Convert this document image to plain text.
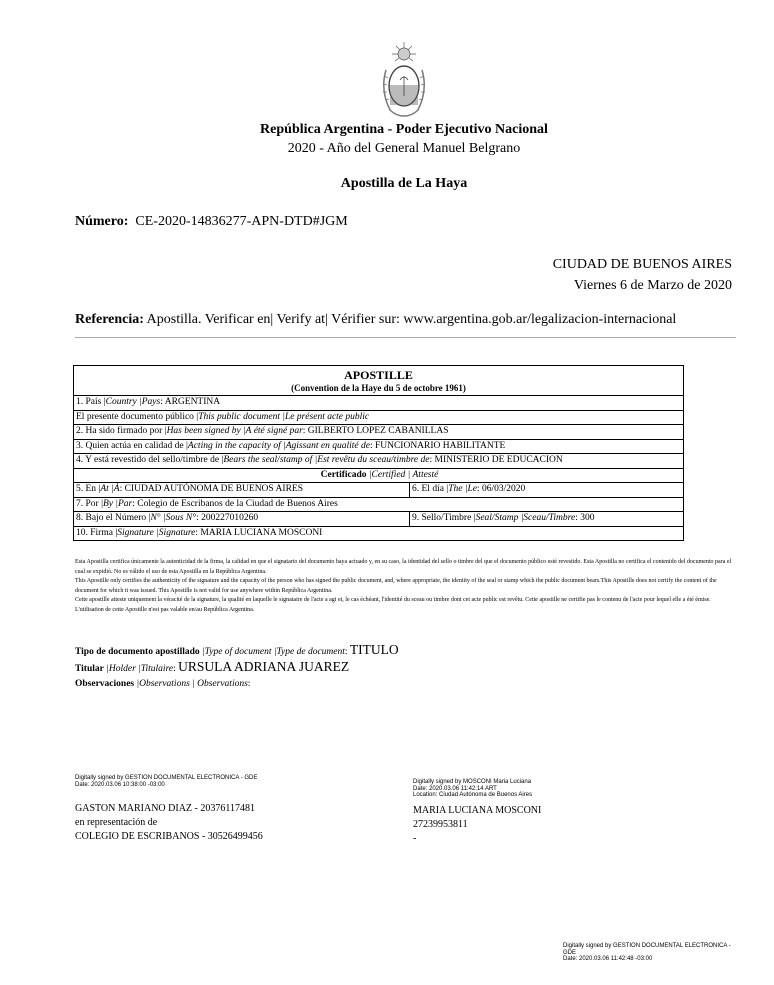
República Argentina - Poder Ejecutivo Nacional
2020 - Año del General Manuel Belgrano
Apostilla de La Haya
Número: CE-2020-14836277-APN-DTD#JGM
CIUDAD DE BUENOS AIRES
Viernes 6 de Marzo de 2020
Referencia: Apostilla. Verificar en| Verify at| Vérifier sur: www.argentina.gob.ar/legalizacion-internacional
APOSTILLE
(Convention de la Haye du 5 de octobre 1961)
1. País |Country |Pays: ARGENTINA
El presente documento público |This public document |Le présent acte public
2. Ha sido firmado por |Has been signed by |A été signé par: GILBERTO LOPEZ CABANILLAS
3. Quien actúa en calidad de |Acting in the capacity of |Agissant en qualité de: FUNCIONARIO HABILITANTE
4. Y está revestido del sello/timbre de |Bears the seal/stamp of |Est revêtu du sceau/timbre de: MINISTERIO DE EDUCACION
Certificado |Certified | Attesté
5. En |At |À: CIUDAD AUTÓNOMA DE BUENOS AIRES	6. El día |The |Le: 06/03/2020
7. Por |By |Par: Colegio de Escribanos de la Ciudad de Buenos Aires
8. Bajo el Número |N° |Sous N°: 200227010260	9. Sello/Timbre |Seal/Stamp |Sceau/Timbre: 300
10. Firma |Signature |Signature: MARIA LUCIANA MOSCONI

Esta Apostilla certifica únicamente la autenticidad de la firma, la calidad en que el signatario del documento haya actuado y, en su caso, la identidad del sello o timbre del que el documento público esté revestido. Esta Apostilla no certifica el contenido del documento para el cual se expidió. No es válido el uso de esta Apostilla en la República Argentina.

This Apostille only certifies the authenticity of the signature and the capacity of the person who has signed the public document, and, where appropriate, the identity of the seal or stamp which the public document bears.This Apostille does not certify the content of the document for which it was issued. This Apostille is not valid for use anywhere within República Argentina.

Cette apostille atteste uniquement la véracité de la signature, la qualité en laquelle le signataire de l'acte a agi et, le cas échéant, l'identité du sceau ou timbre dont cet acte public est revêtu. Cette apostille ne certifie pas le contenu de l'acte pour lequel elle a été émise. L'utilisation de cette Apostille n'est pas valable en/au República Argentina.

Tipo de documento apostillado |Type of document |Type de document: TITULO
Titular |Holder |Titulaire: URSULA ADRIANA JUAREZ
Observaciones |Observations | Observations:
Digitally signed by GESTION DOCUMENTAL ELECTRONICA - GDE
Date: 2020.03.06 10:38:00 -03:00	Digitally signed by MOSCONI Maria Luciana
Date: 2020.03.06 11:42:14 ART
Location: Ciudad Autónoma de Buenos Aires
GASTON MARIANO DIAZ - 20376117481
en representación de
COLEGIO DE ESCRIBANOS - 30526499456
MARIA LUCIANA MOSCONI
27239953811
-
Digitally signed by GESTION DOCUMENTAL ELECTRONICA - GDE
Date: 2020.03.06 11:42:48 -03:00
